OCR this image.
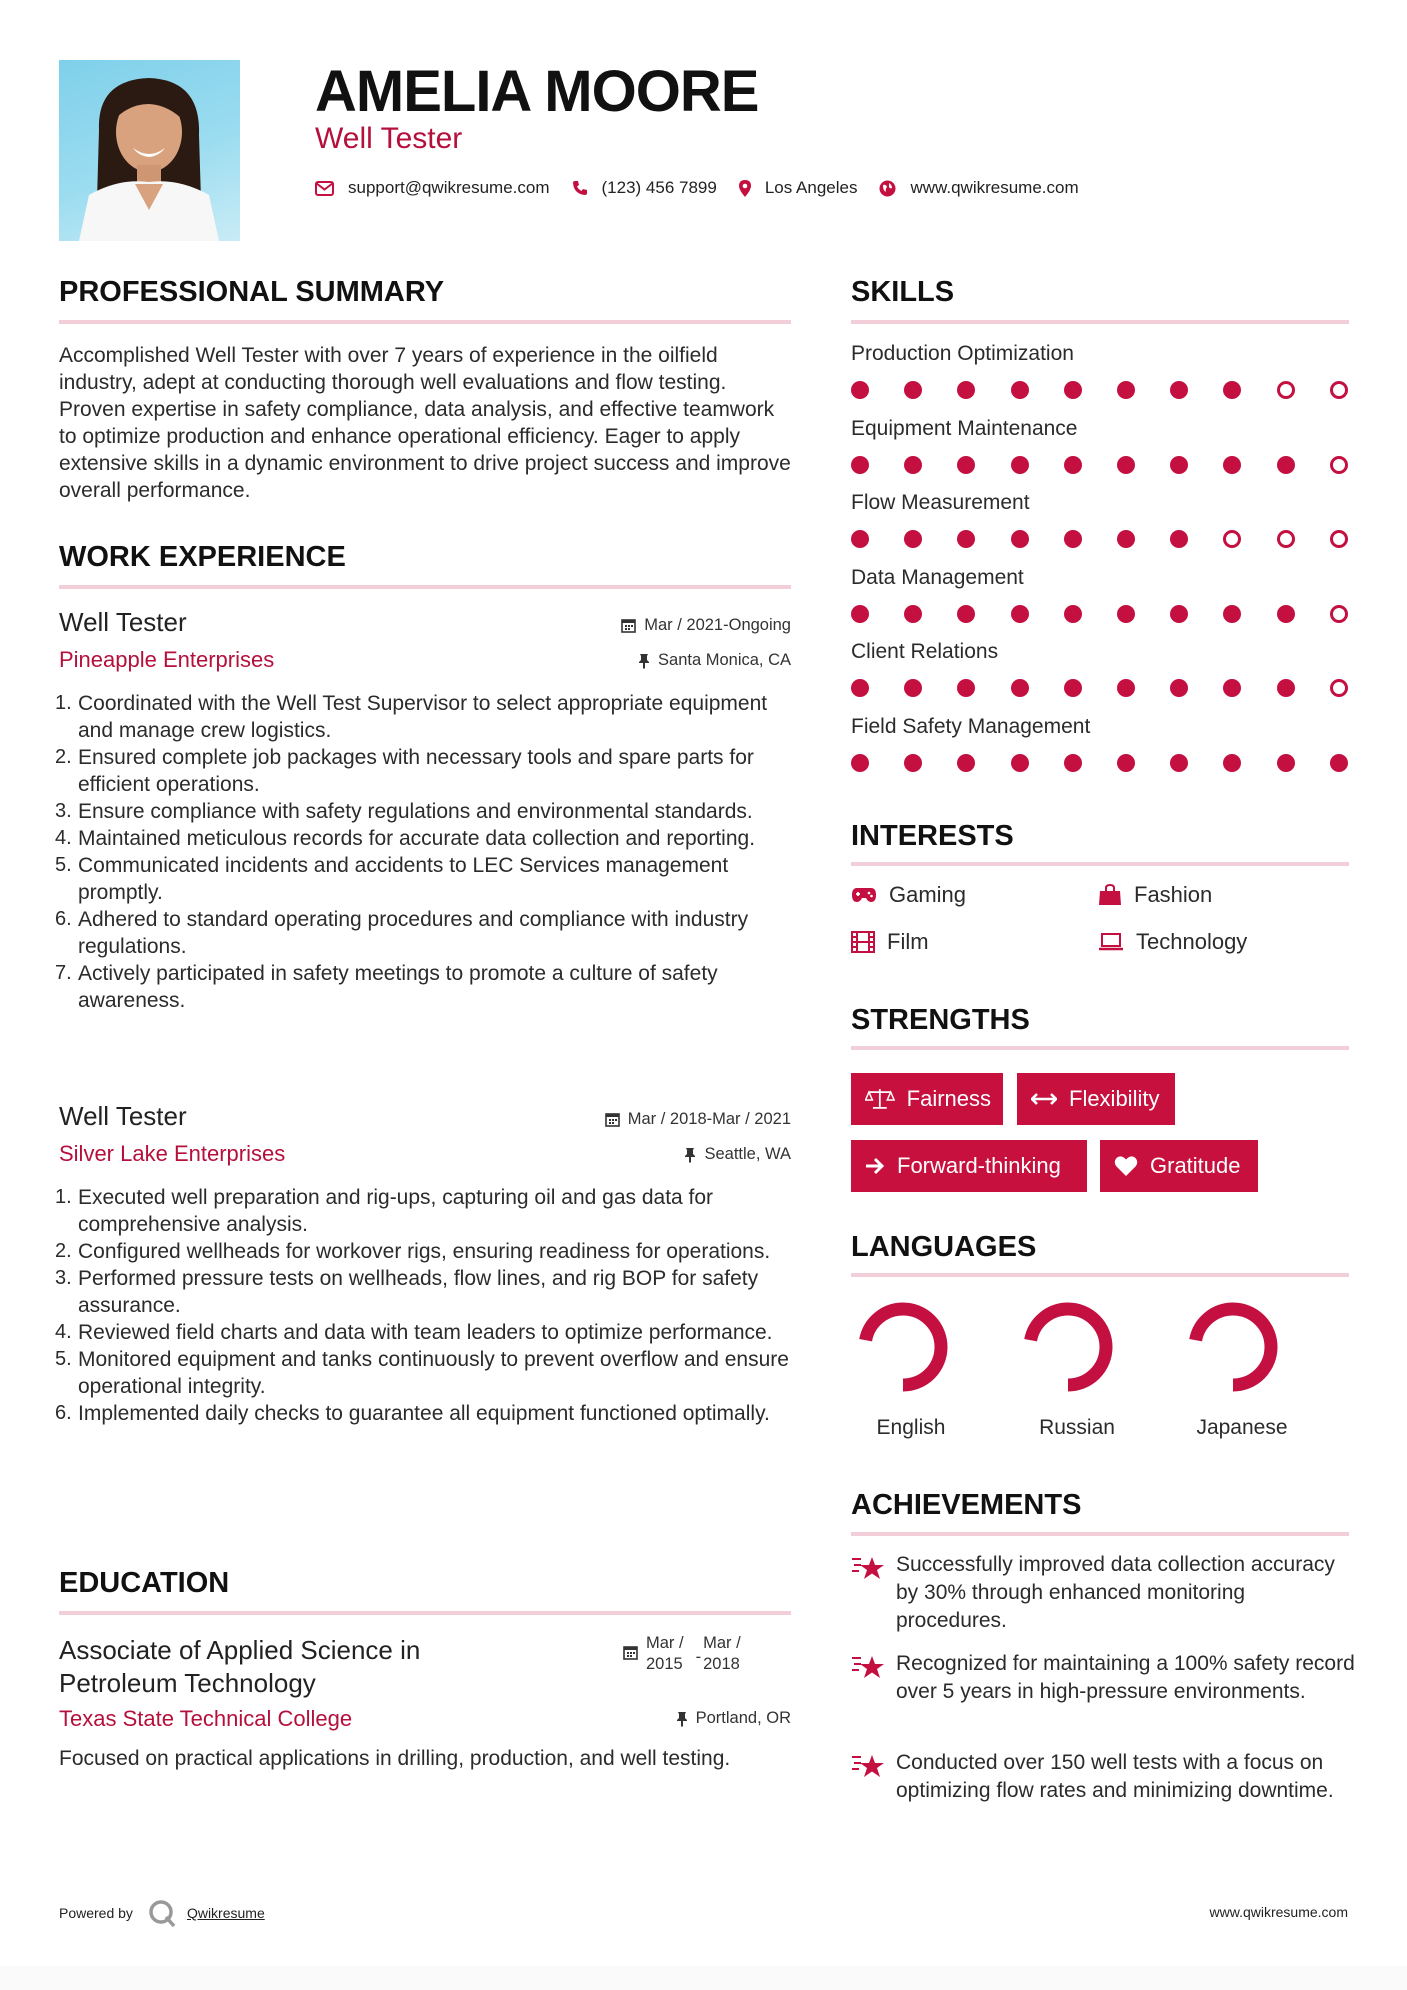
AMELIA MOORE
Well Tester
support@qwikresume.com	(123) 456 7899	Los Angeles	www.qwikresume.com
PROFESSIONAL SUMMARY
Accomplished Well Tester with over 7 years of experience in the oilfield industry, adept at conducting thorough well evaluations and flow testing. Proven expertise in safety compliance, data analysis, and effective teamwork to optimize production and enhance operational efficiency. Eager to apply extensive skills in a dynamic environment to drive project success and improve overall performance.
WORK EXPERIENCE
Well Tester	Mar / 2021-Ongoing
Pineapple Enterprises	Santa Monica, CA
1. Coordinated with the Well Test Supervisor to select appropriate equipment and manage crew logistics.
2. Ensured complete job packages with necessary tools and spare parts for efficient operations.
3. Ensure compliance with safety regulations and environmental standards.
4. Maintained meticulous records for accurate data collection and reporting.
5. Communicated incidents and accidents to LEC Services management promptly.
6. Adhered to standard operating procedures and compliance with industry regulations.
7. Actively participated in safety meetings to promote a culture of safety awareness.
Well Tester	Mar / 2018-Mar / 2021
Silver Lake Enterprises	Seattle, WA
1. Executed well preparation and rig-ups, capturing oil and gas data for comprehensive analysis.
2. Configured wellheads for workover rigs, ensuring readiness for operations.
3. Performed pressure tests on wellheads, flow lines, and rig BOP for safety assurance.
4. Reviewed field charts and data with team leaders to optimize performance.
5. Monitored equipment and tanks continuously to prevent overflow and ensure operational integrity.
6. Implemented daily checks to guarantee all equipment functioned optimally.
EDUCATION
Associate of Applied Science in
Petroleum Technology
Mar /
2015 -
Mar /
2018
Texas State Technical College	Portland, OR
Focused on practical applications in drilling, production, and well testing.
SKILLS
Production Optimization
Equipment Maintenance
Flow Measurement
Data Management
Client Relations
Field Safety Management
INTERESTS
Gaming	Fashion
Film	Technology
STRENGTHS
Fairness	Flexibility
Forward-thinking	Gratitude
LANGUAGES
English	Russian	Japanese
ACHIEVEMENTS
Successfully improved data collection accuracy by 30% through enhanced monitoring procedures.
Recognized for maintaining a 100% safety record over 5 years in high-pressure environments.
Conducted over 150 well tests with a focus on optimizing flow rates and minimizing downtime.
Powered by	Qwikresume	www.qwikresume.com
